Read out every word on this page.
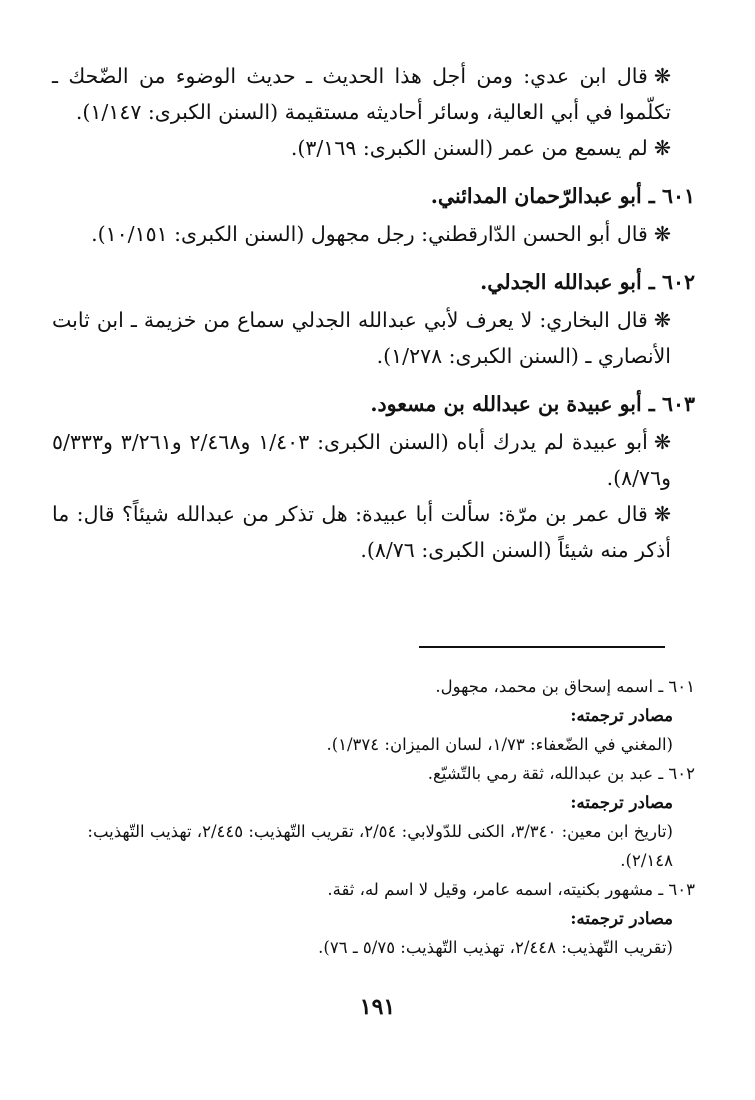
❋قال ابن عدي: ومن أجل هذا الحديث ـ حديث الوضوء من الضّحك ـ تكلّموا في أبي العالية، وسائر أحاديثه مستقيمة (السنن الكبرى: ١/١٤٧).
❋لم يسمع من عمر (السنن الكبرى: ٣/١٦٩).
٦٠١ ـ أبو عبدالرّحمان المدائني.
❋قال أبو الحسن الدّارقطني: رجل مجهول (السنن الكبرى: ١٠/١٥١).
٦٠٢ ـ أبو عبدالله الجدلي.
❋قال البخاري: لا يعرف لأبي عبدالله الجدلي سماع من خزيمة ـ ابن ثابت الأنصاري ـ (السنن الكبرى: ١/٢٧٨).
٦٠٣ ـ أبو عبيدة بن عبدالله بن مسعود.
❋أبو عبيدة لم يدرك أباه (السنن الكبرى: ١/٤٠٣ و٢/٤٦٨ و٣/٢٦١ و٥/٣٣٣ و٨/٧٦).
❋قال عمر بن مرّة: سألت أبا عبيدة: هل تذكر من عبدالله شيئاً؟ قال: ما أذكر منه شيئاً (السنن الكبرى: ٨/٧٦).

٦٠١ ـ اسمه إسحاق بن محمد، مجهول.

مصادر ترجمته:

(المغني في الضّعفاء: ١/٧٣، لسان الميزان: ١/٣٧٤).

٦٠٢ ـ عبد بن عبدالله، ثقة رمي بالتّشيّع.

مصادر ترجمته:

(تاريخ ابن معين: ٣/٣٤٠، الكنى للدّولابي: ٢/٥٤، تقريب التّهذيب: ٢/٤٤٥، تهذيب التّهذيب: ٢/١٤٨).

٦٠٣ ـ مشهور بكنيته، اسمه عامر، وقيل لا اسم له، ثقة.

مصادر ترجمته:

(تقريب التّهذيب: ٢/٤٤٨، تهذيب التّهذيب: ٥/٧٥ ـ ٧٦).

١٩١
